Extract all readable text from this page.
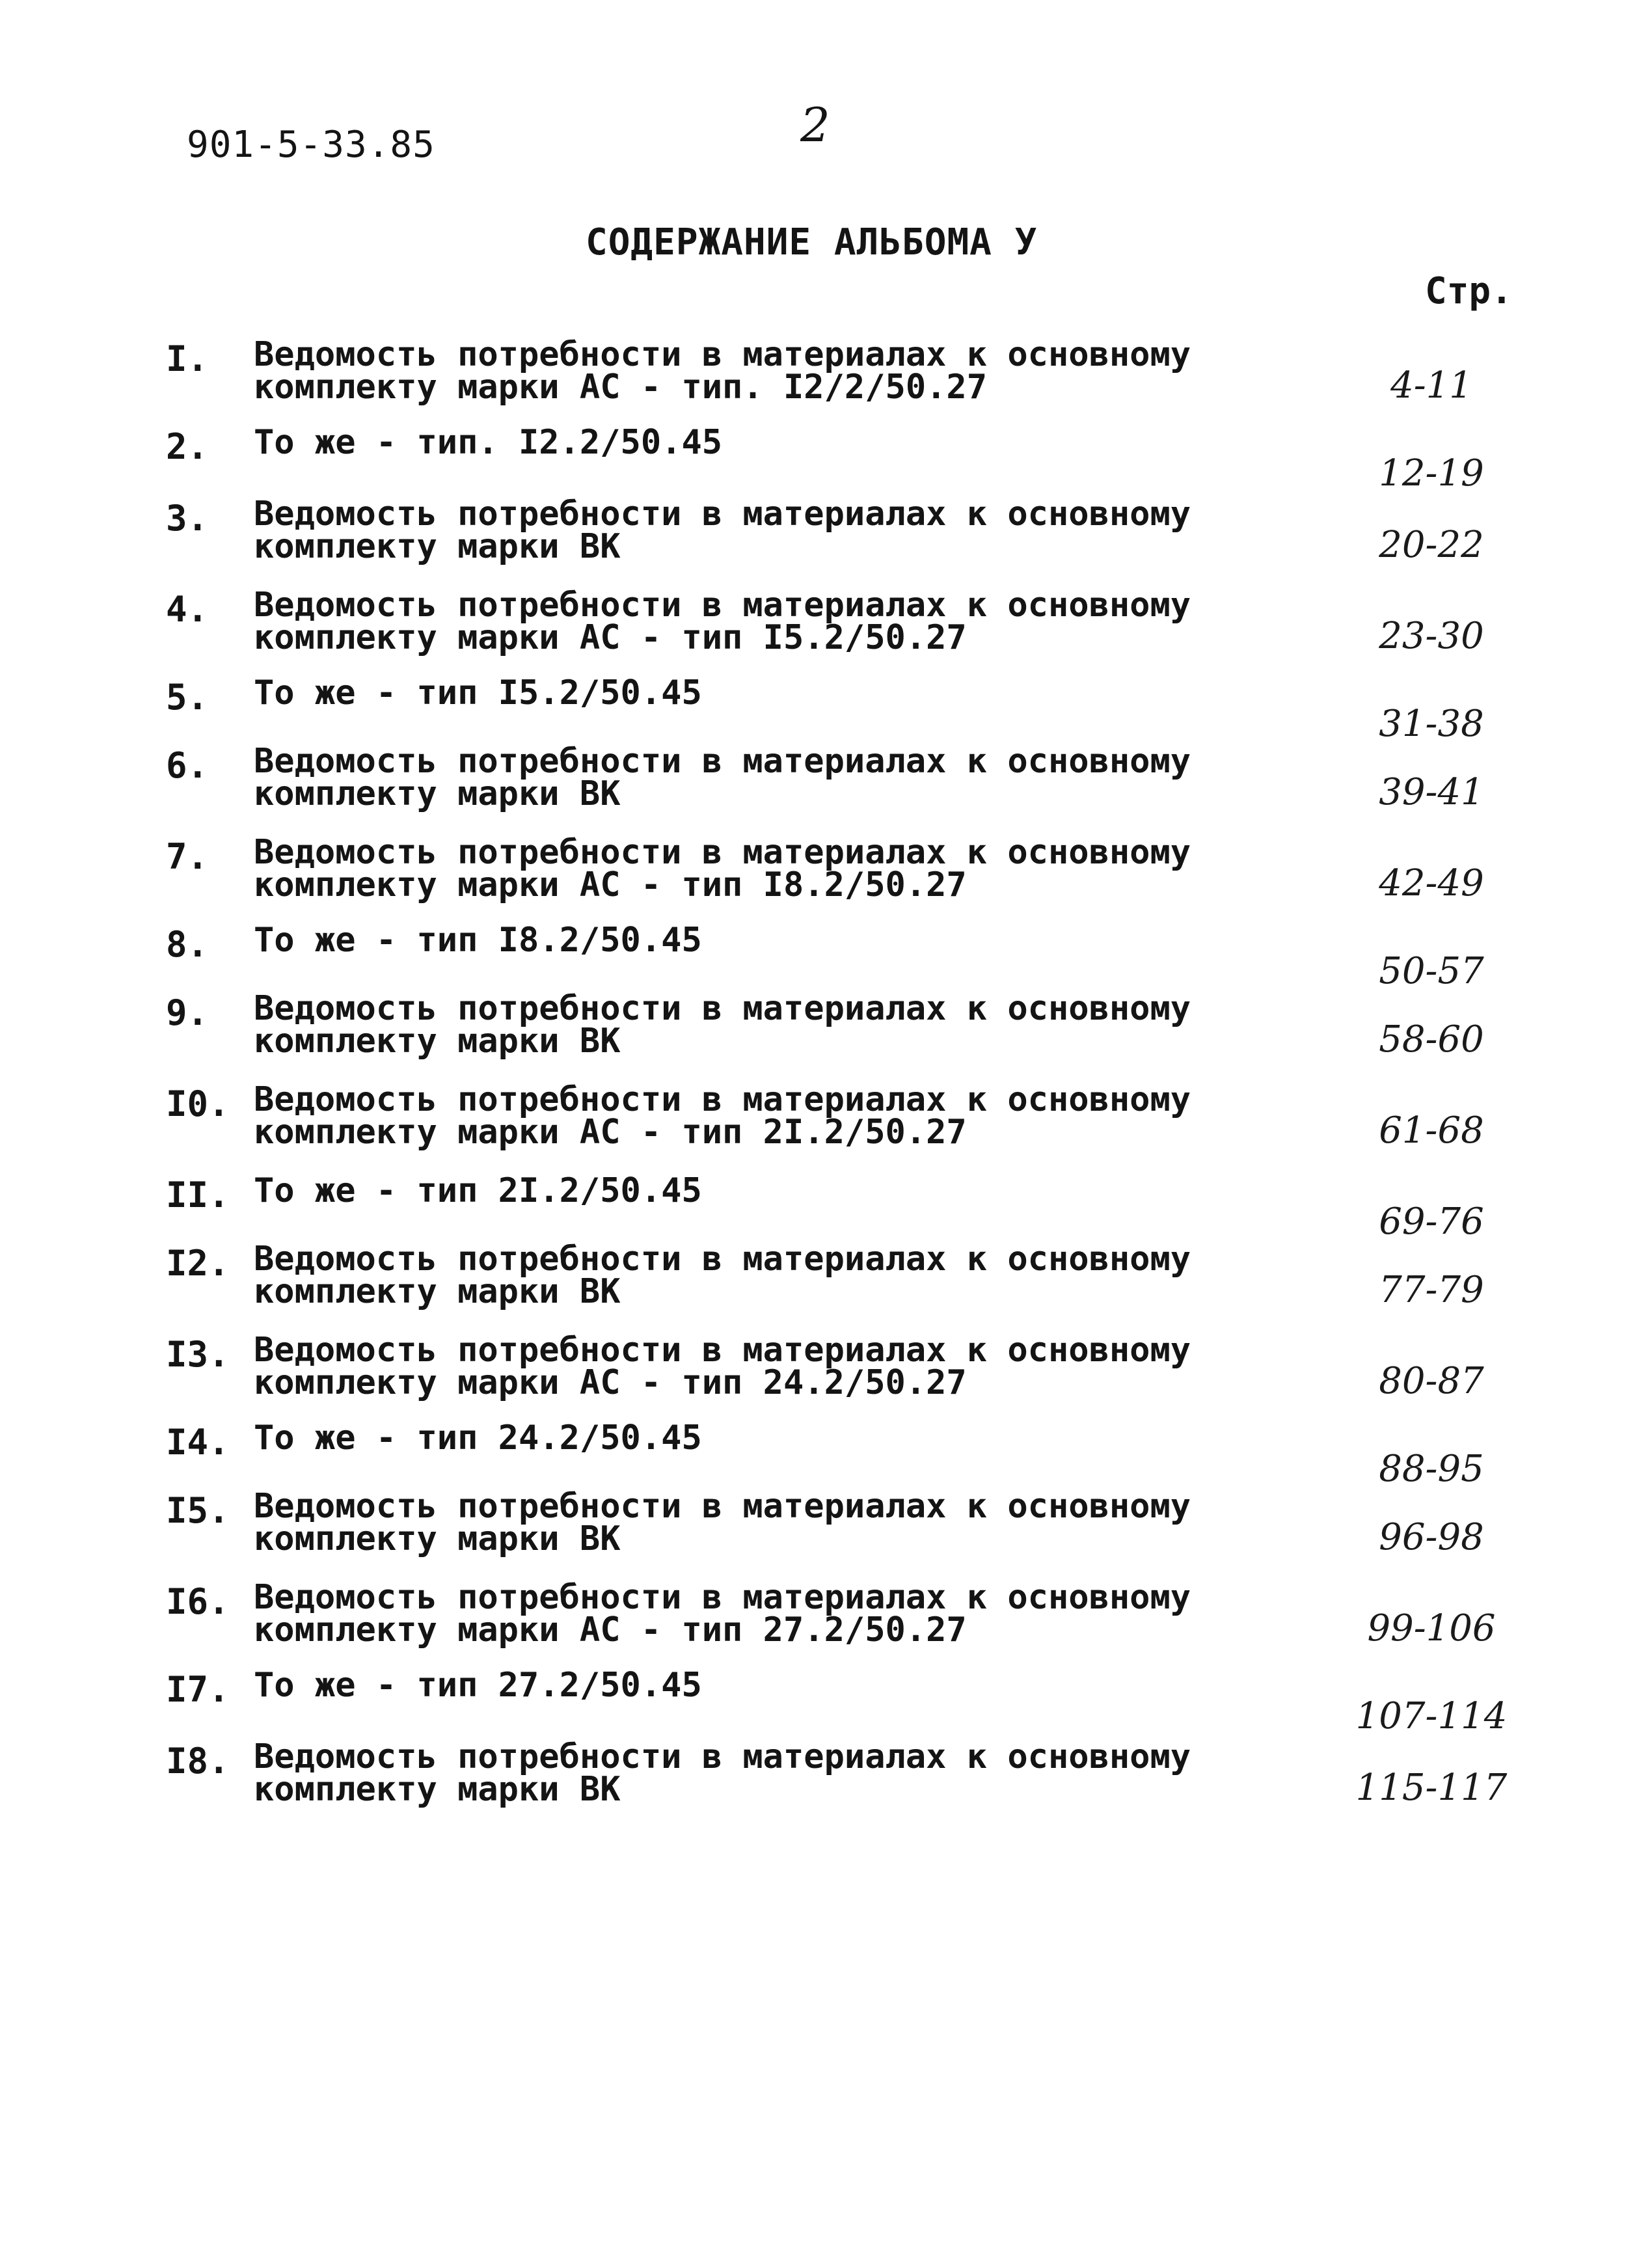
901-5-33.85	2
СОДЕРЖАНИЕ АЛЬБОМА У
Стр.
I. Ведомость потребности в материалах к основному
комплекту марки АС - тип. I2/2/50.27	4-11
2. То же - тип. I2.2/50.45
12-19
3. Ведомость потребности в материалах к основному
комплекту марки ВК	20-22
4. Ведомость потребности в материалах к основному
комплекту марки АС - тип I5.2/50.27	23-30
5. То же - тип I5.2/50.45
31-38
6. Ведомость потребности в материалах к основному
комплекту марки ВК	39-41
7. Ведомость потребности в материалах к основному
комплекту марки АС - тип I8.2/50.27	42-49
8. То же - тип I8.2/50.45
50-57
9. Ведомость потребности в материалах к основному
комплекту марки ВК	58-60
I0. Ведомость потребности в материалах к основному
комплекту марки АС - тип 2I.2/50.27	61-68
II. То же - тип 2I.2/50.45
69-76
I2. Ведомость потребности в материалах к основному
комплекту марки ВК	77-79
I3. Ведомость потребности в материалах к основному
комплекту марки АС - тип 24.2/50.27	80-87
I4. То же - тип 24.2/50.45
88-95
I5. Ведомость потребности в материалах к основному
комплекту марки ВК	96-98
I6. Ведомость потребности в материалах к основному
комплекту марки АС - тип 27.2/50.27	99-106
I7. То же - тип 27.2/50.45
107-114
I8. Ведомость потребности в материалах к основному
комплекту марки ВК	115-117
